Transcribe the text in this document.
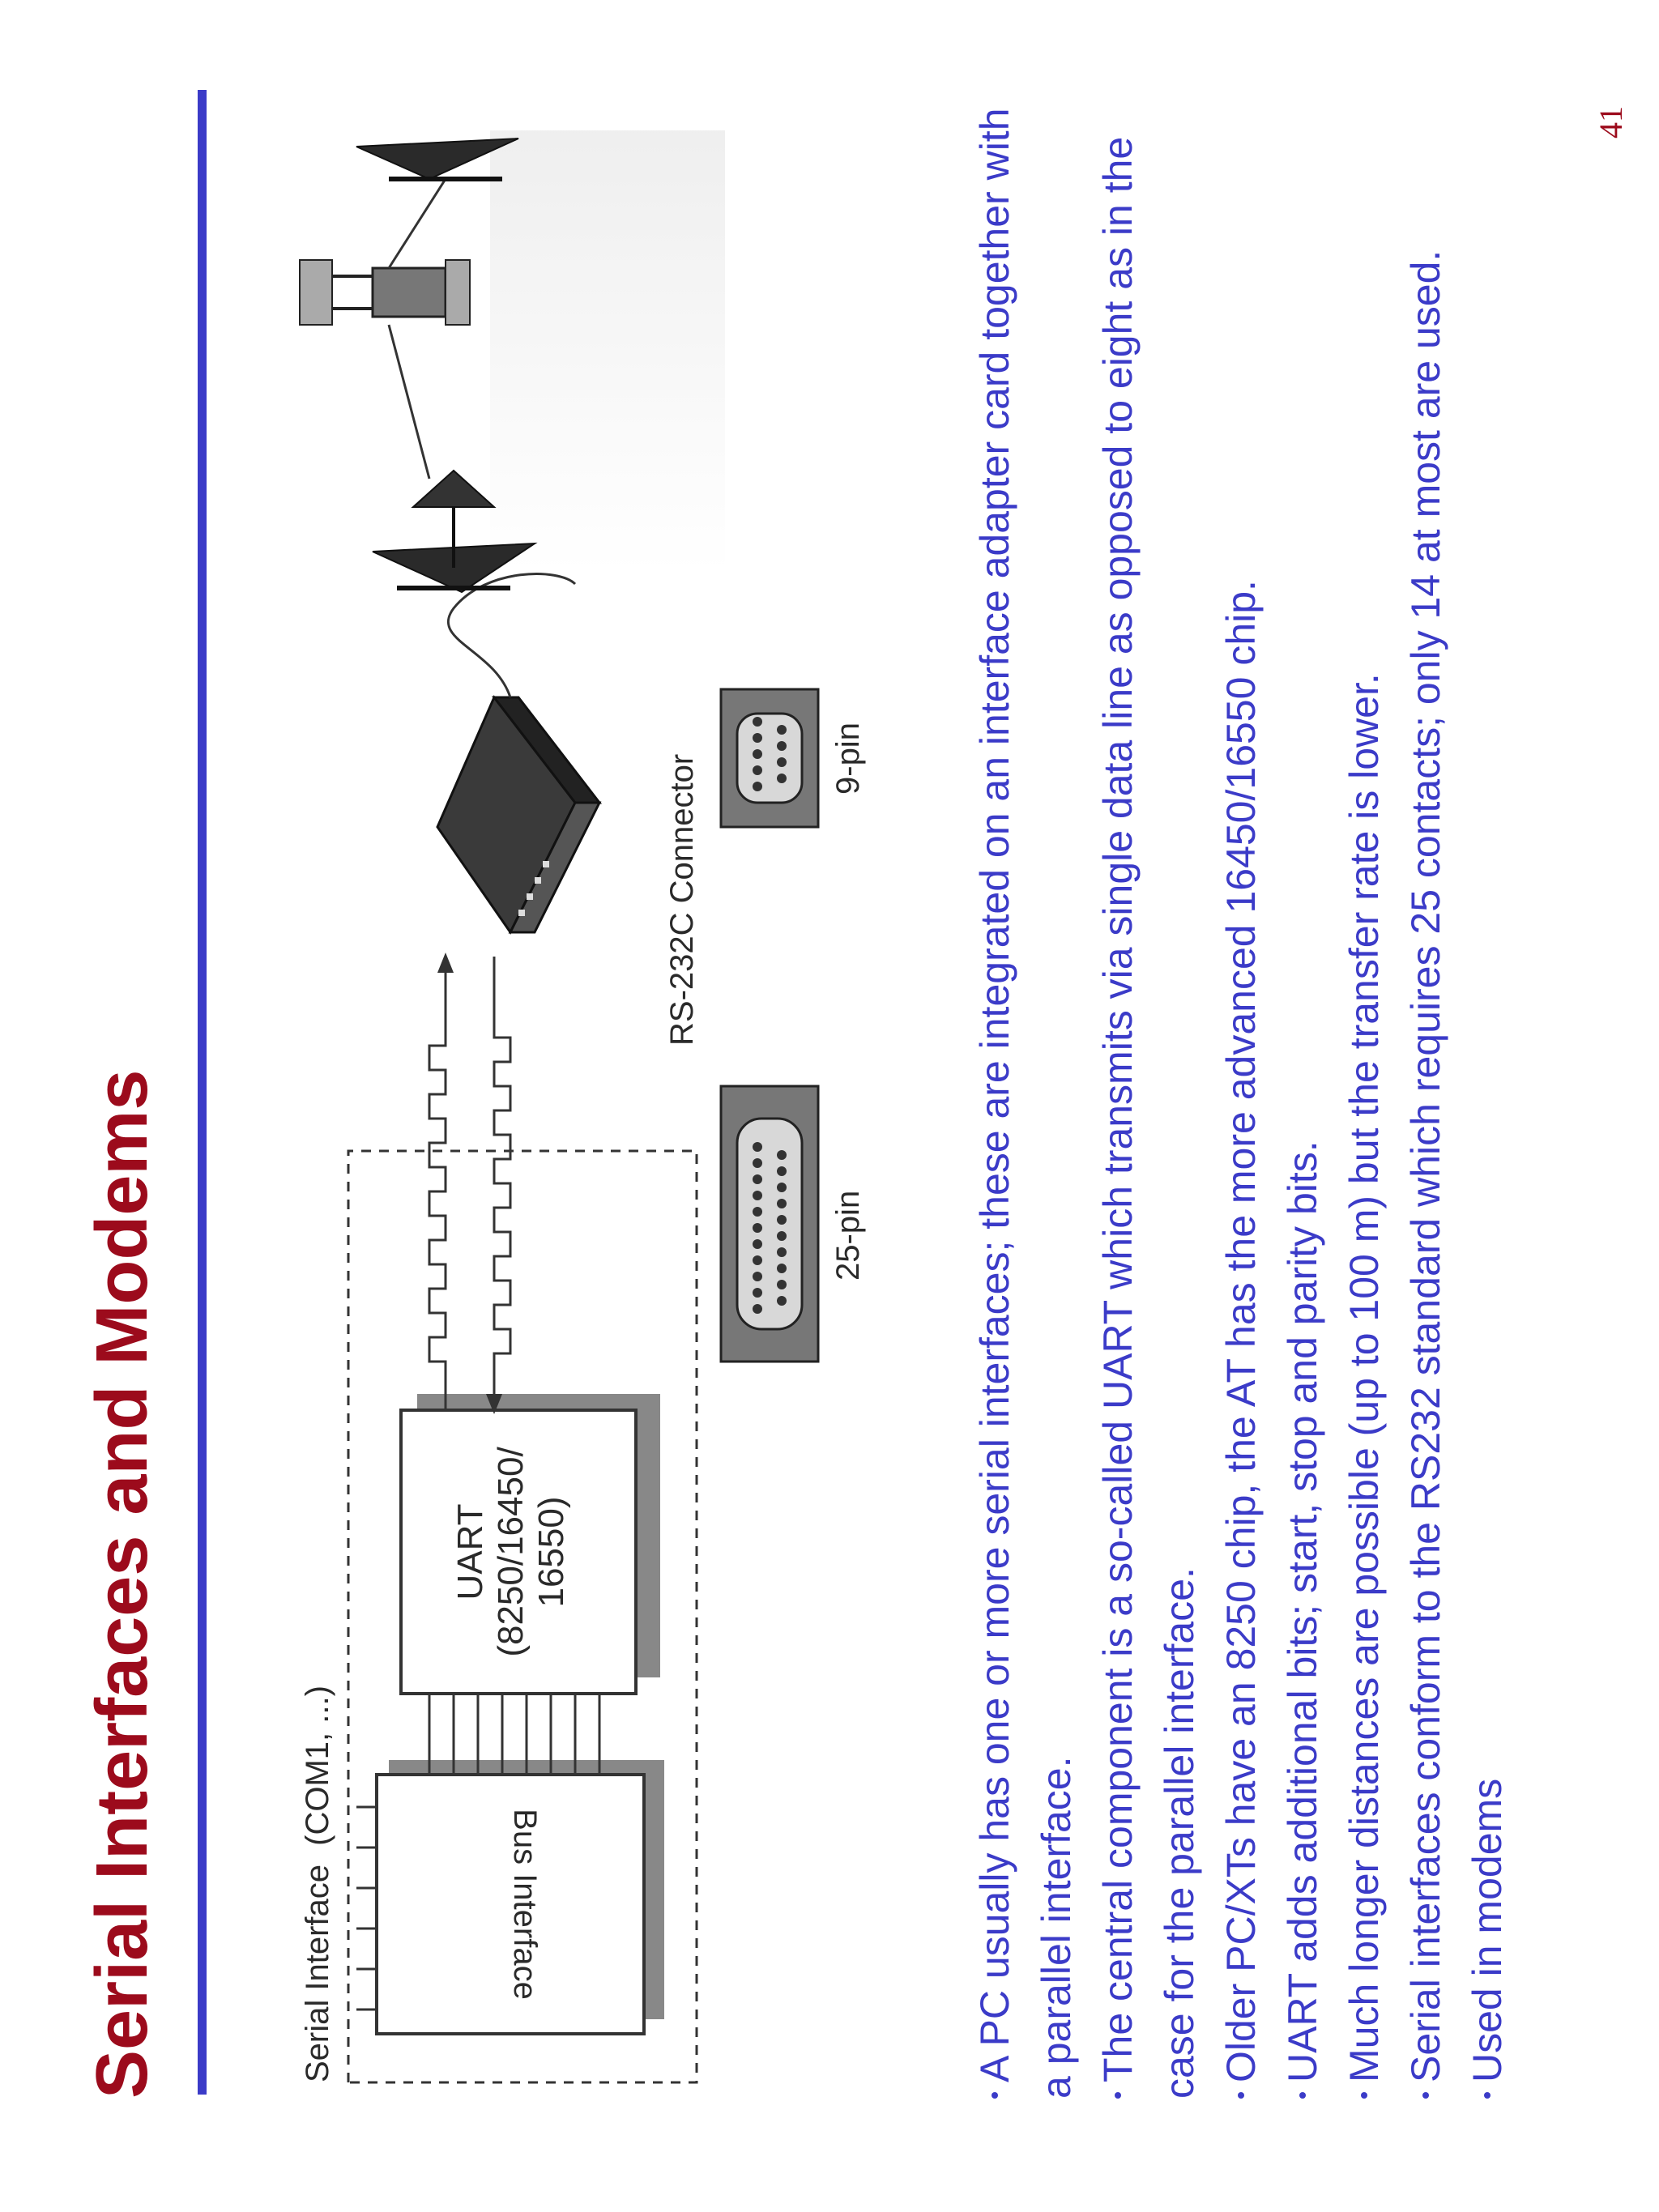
Serial Interfaces and Modems	Serial Interface (COM1, ...)
Bus Interface
UART (8250/16450/ 16550)
RS-232C Connector
25-pin
9-pin	A PC usually has one or more serial interfaces; these are integrated on an interface adapter card together with a parallel interface. The central component is a so-called UART which transmits via single data line as opposed to eight as in the case for the parallel interface. Older PC/XTs have an 8250 chip, the AT has the more advanced 16450/16550 chip. UART adds additional bits; start, stop and parity bits. Much longer distances are possible (up to 100 m) but the transfer rate is lower. Serial interfaces conform to the RS232 standard which requires 25 contacts; only 14 at most are used. Used in modems
41
